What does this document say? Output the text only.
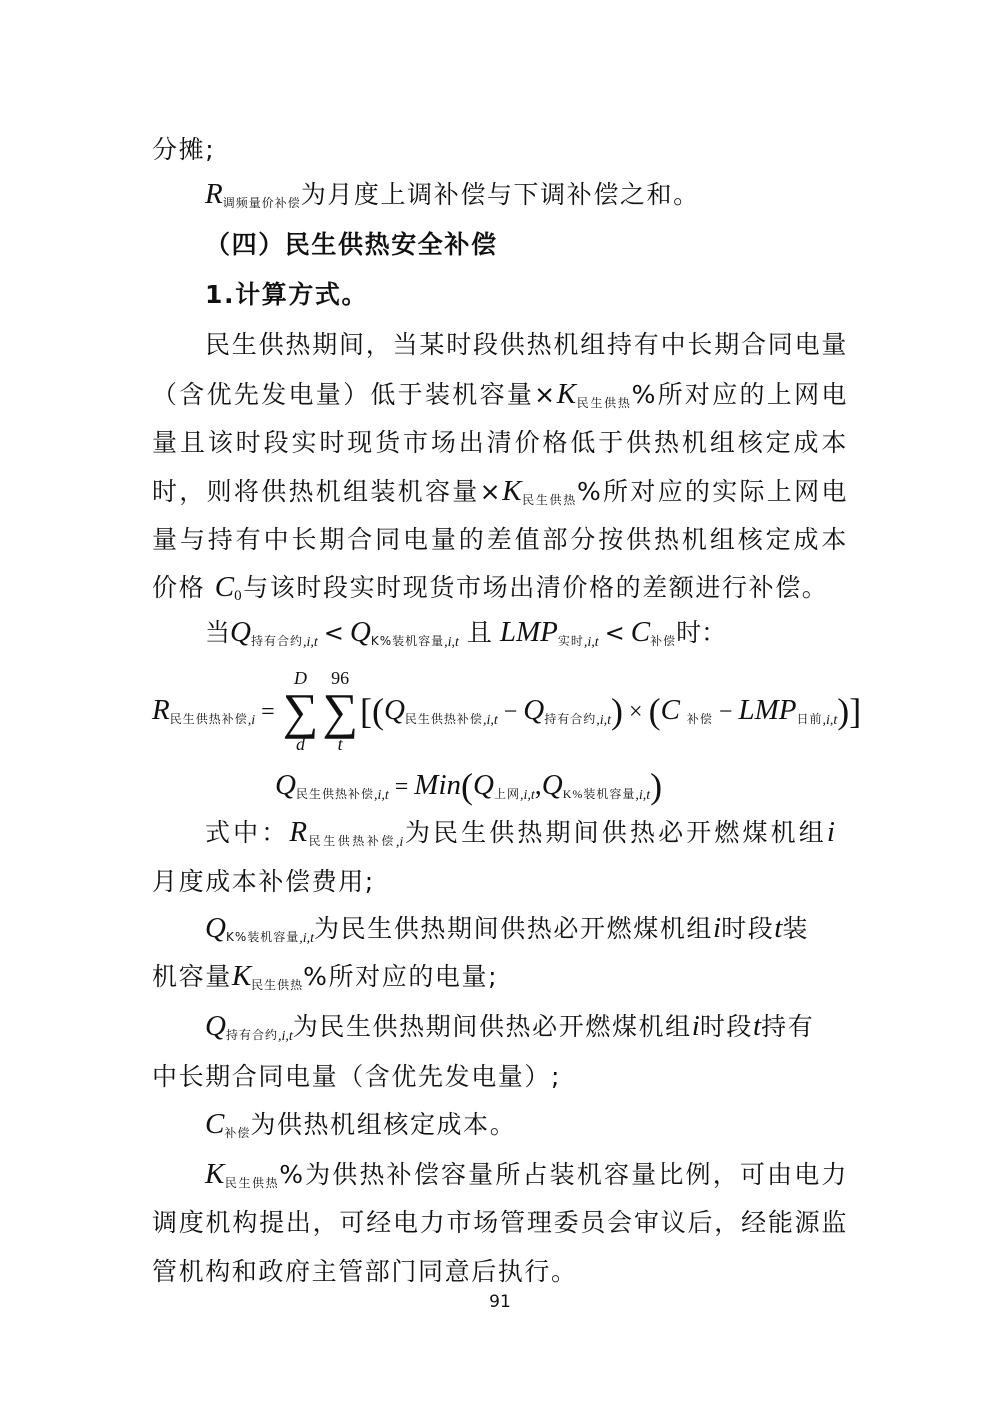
分摊;
R调频量价补偿为月度上调补偿与下调补偿之和。
（四）民生供热安全补偿
1.计算方式。
民生供热期间，当某时段供热机组持有中长期合同电量
（含优先发电量）低于装机容量×K民生供热%所对应的上网电
量且该时段实时现货市场出清价格低于供热机组核定成本
时，则将供热机组装机容量×K民生供热%所对应的实际上网电
量与持有中长期合同电量的差值部分按供热机组核定成本
价格 C0与该时段实时现货市场出清价格的差额进行补偿。
当Q持有合约$_{,i,t}$ < QK%装机容量$_{,i,t}$ 且 LMP实时$_{,i,t}$ < C补偿时：
R民生供热补偿,i =
D
∑
d
96
∑
t
[(Q民生供热补偿,i,t − Q持有合约,i,t) × (C 补偿 − LMP日前,i,t)]
Q民生供热补偿,i,t = Min(Q上网,i,t,QK%装机容量,i,t)
式中：R民生供热补偿$_{,i}$为民生供热期间供热必开燃煤机组i
月度成本补偿费用;
QK%装机容量$_{,i,t}$为民生供热期间供热必开燃煤机组i时段t装
机容量K民生供热%所对应的电量;
Q持有合约$_{,i,t}$为民生供热期间供热必开燃煤机组i时段t持有
中长期合同电量（含优先发电量）;
C补偿为供热机组核定成本。
K民生供热%为供热补偿容量所占装机容量比例，可由电力
调度机构提出，可经电力市场管理委员会审议后，经能源监
管机构和政府主管部门同意后执行。
91
